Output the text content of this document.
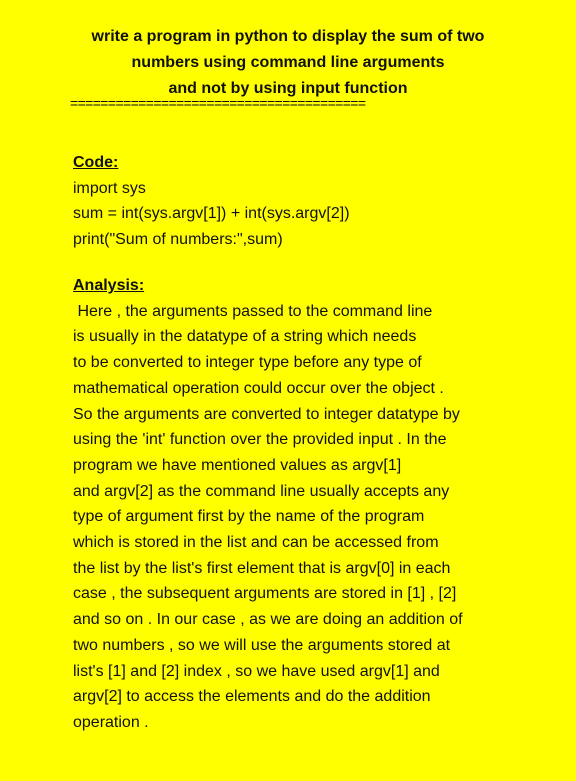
write a program in python to display the sum of two
numbers using command line arguments
and not by using input function
=======================================
Code:
import sys
sum = int(sys.argv[1]) + int(sys.argv[2])
print("Sum of numbers:",sum)
Analysis:
Here , the arguments passed to the command line
is usually in the datatype of a string which needs
to be converted to integer type before any type of
mathematical operation could occur over the object .
So the arguments are converted to integer datatype by
using the 'int' function over the provided input . In the
program we have mentioned values as argv[1]
and argv[2] as the command line usually accepts any
type of argument first by the name of the program
which is stored in the list and can be accessed from
the list by the list's first element that is argv[0] in each
case , the subsequent arguments are stored in [1] , [2]
and so on . In our case , as we are doing an addition of
two numbers , so we will use the arguments stored at
list's [1] and [2] index , so we have used argv[1] and
argv[2] to access the elements and do the addition
operation .
